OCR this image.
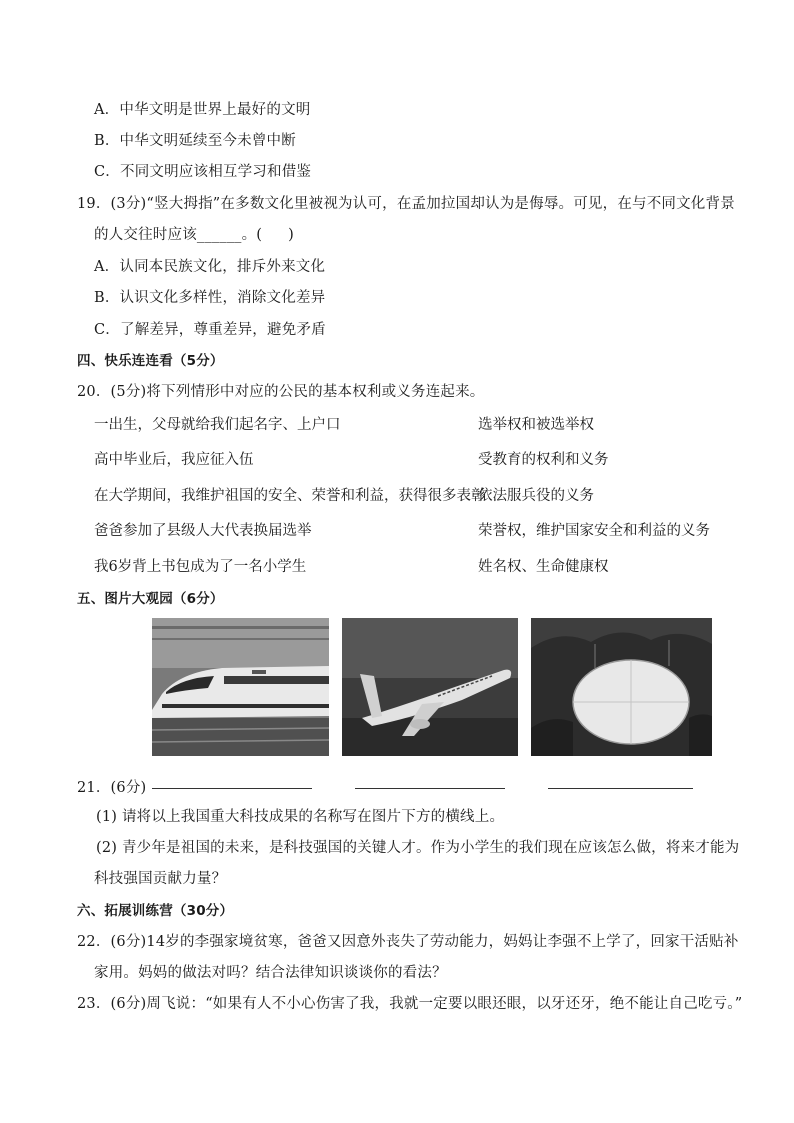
A．中华文明是世界上最好的文明
B．中华文明延续至今未曾中断
C．不同文明应该相互学习和借鉴
19．(3分)“竖大拇指”在多数文化里被视为认可，在孟加拉国却认为是侮辱。可见，在与不同文化背景
的人交往时应该______。( )
A．认同本民族文化，排斥外来文化
B．认识文化多样性，消除文化差异
C．了解差异，尊重差异，避免矛盾
四、快乐连连看（5分）
20．(5分)将下列情形中对应的公民的基本权利或义务连起来。
一出生，父母就给我们起名字、上户口
高中毕业后，我应征入伍
在大学期间，我维护祖国的安全、荣誉和利益，获得很多表彰
爸爸参加了县级人大代表换届选举
我6岁背上书包成为了一名小学生
选举权和被选举权
受教育的权利和义务
依法服兵役的义务
荣誉权，维护国家安全和利益的义务
姓名权、生命健康权
五、图片大观园（6分）
21．(6分)
(1) 请将以上我国重大科技成果的名称写在图片下方的横线上。
(2) 青少年是祖国的未来，是科技强国的关键人才。作为小学生的我们现在应该怎么做，将来才能为
科技强国贡献力量？
六、拓展训练营（30分）
22．(6分)14岁的李强家境贫寒，爸爸又因意外丧失了劳动能力，妈妈让李强不上学了，回家干活贴补
家用。妈妈的做法对吗？结合法律知识谈谈你的看法？
23．(6分)周飞说：“如果有人不小心伤害了我，我就一定要以眼还眼，以牙还牙，绝不能让自己吃亏。”
